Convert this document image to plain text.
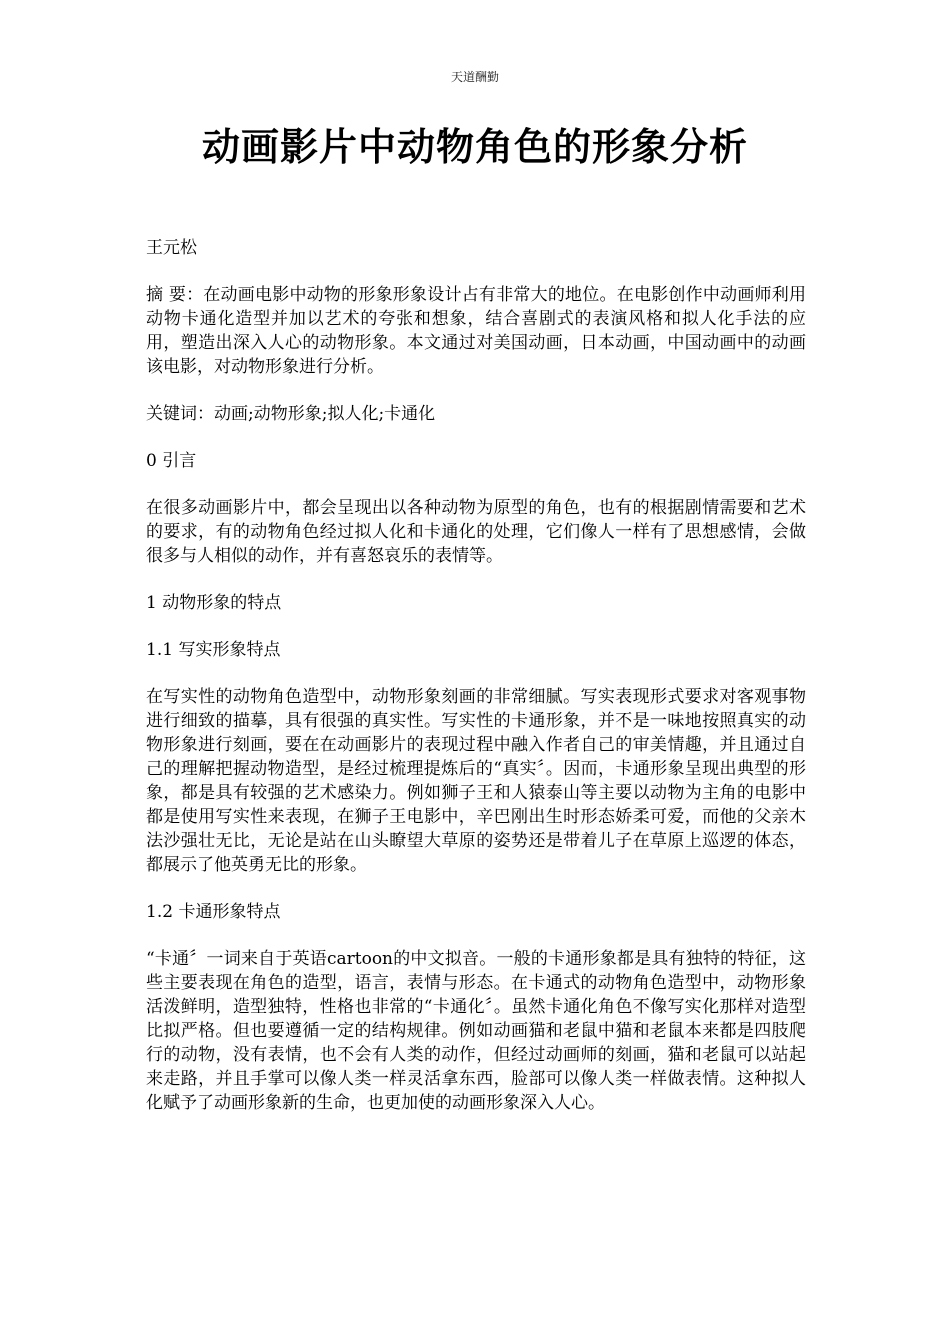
天道酬勤
动画影片中动物角色的形象分析

王元松

摘 要：在动画电影中动物的形象形象设计占有非常大的地位。在电影创作中动画师利用动物卡通化造型并加以艺术的夸张和想象，结合喜剧式的表演风格和拟人化手法的应用，塑造出深入人心的动物形象。本文通过对美国动画，日本动画，中国动画中的动画该电影，对动物形象进行分析。

关键词：动画;动物形象;拟人化;卡通化

0 引言

在很多动画影片中，都会呈现出以各种动物为原型的角色，也有的根据剧情需要和艺术的要求，有的动物角色经过拟人化和卡通化的处理，它们像人一样有了思想感情，会做很多与人相似的动作，并有喜怒哀乐的表情等。

1 动物形象的特点

1.1 写实形象特点

在写实性的动物角色造型中，动物形象刻画的非常细腻。写实表现形式要求对客观事物进行细致的描摹，具有很强的真实性。写实性的卡通形象，并不是一味地按照真实的动物形象进行刻画，要在在动画影片的表现过程中融入作者自己的审美情趣，并且通过自己的理解把握动物造型，是经过梳理提炼后的“真实〞。因而，卡通形象呈现出典型的形象，都是具有较强的艺术感染力。例如狮子王和人猿泰山等主要以动物为主角的电影中都是使用写实性来表现，在狮子王电影中，辛巴刚出生时形态娇柔可爱，而他的父亲木法沙强壮无比，无论是站在山头瞭望大草原的姿势还是带着儿子在草原上巡逻的体态，都展示了他英勇无比的形象。

1.2 卡通形象特点

“卡通〞一词来自于英语cartoon的中文拟音。一般的卡通形象都是具有独特的特征，这些主要表现在角色的造型，语言，表情与形态。在卡通式的动物角色造型中，动物形象活泼鲜明，造型独特，性格也非常的“卡通化〞。虽然卡通化角色不像写实化那样对造型比拟严格。但也要遵循一定的结构规律。例如动画猫和老鼠中猫和老鼠本来都是四肢爬行的动物，没有表情，也不会有人类的动作，但经过动画师的刻画，猫和老鼠可以站起来走路，并且手掌可以像人类一样灵活拿东西，脸部可以像人类一样做表情。这种拟人化赋予了动画形象新的生命，也更加使的动画形象深入人心。
